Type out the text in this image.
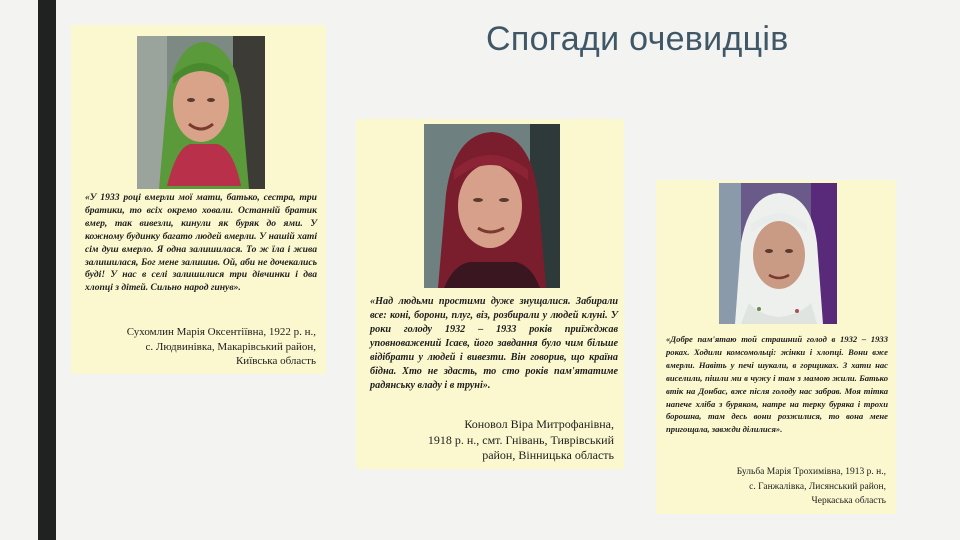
Спогади очевидців

«У 1933 році вмерли мої мати, батько, сестра, три братики, то всіх окремо ховали. Останній братик вмер, так вивезли, кинули як буряк до ями. У кожному будинку багато людей вмерли. У нашій хаті сім душ вмерло. Я одна залишилася. То ж їла і жива залишилася, Бог мене залишив. Ой, аби не дочекались буді! У нас в селі залишилися три дівчинки і два хлопці з дітей. Сильно народ гинув».

Сухомлин Марія Оксентіївна, 1922 р. н.,
с. Людвинівка, Макарівський район,
Київська область

«Над людьми простими дуже знущалися. Забирали все: коні, борони, плуг, віз, розбирали у людей клуні. У роки голоду 1932 – 1933 років приїжджав уповноважений Ісаєв, його завдання було чим більше відібрати у людей і вивезти. Він говорив, що країна бідна. Хто не здасть, то сто років пам'ятатиме радянську владу і в труні».

Коновол Віра Митрофанівна,
1918 р. н., смт. Гнівань, Тиврівський
район, Вінницька область

«Добре пам'ятаю той страшний голод в 1932 – 1933 роках. Ходили комсомольці: жінки і хлопці. Вони вже вмерли. Навіть у печі шукали, в горщиках. З хати нас виселили, пішли ми в чужу і там з мамою жили. Батько втік на Донбас, вже після голоду нас забрав. Моя тітка напече хліба з буряком, натре на терку буряка і трохи борошна, там десь вони розжилися, то вона мене пригощала, завжди ділилися».

Бульба Марія Трохимівна, 1913 р. н.,
с. Ганжалівка, Лисянський район,
Черкаська область
